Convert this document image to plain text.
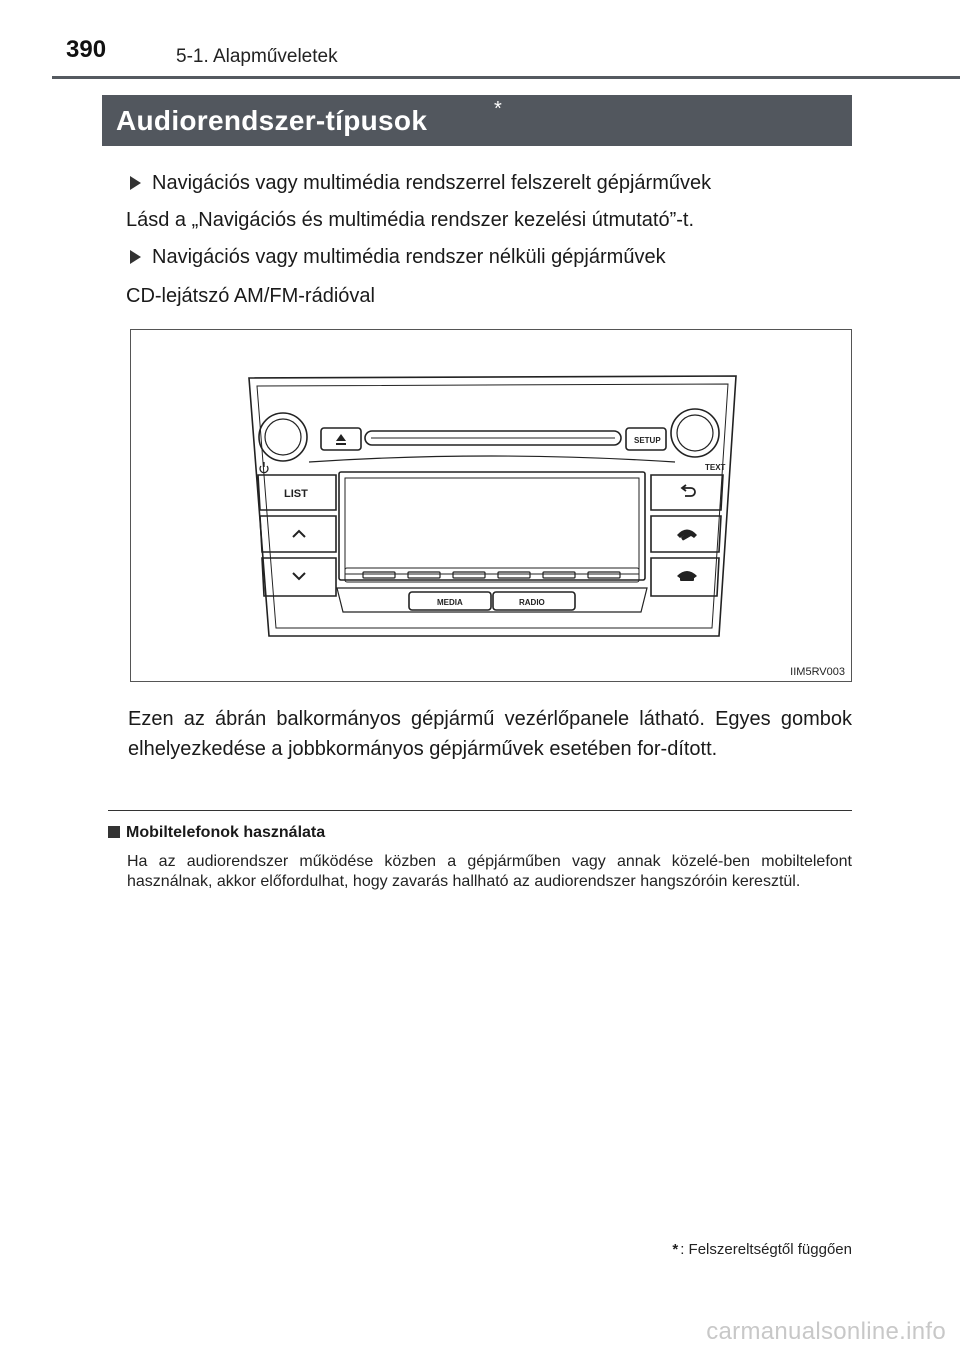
390	5-1. Alapműveletek
Audiorendszer-típusok	*
Navigációs vagy multimédia rendszerrel felszerelt gépjárművek
Lásd a „Navigációs és multimédia rendszer kezelési útmutató”-t.
Navigációs vagy multimédia rendszer nélküli gépjárművek
CD-lejátszó AM/FM-rádióval
LIST
SETUP
TEXT
MEDIA	RADIO
IIM5RV003

Ezen az ábrán balkormányos gépjármű vezérlőpanele látható. Egyes gombok elhelyezkedése a jobbkormányos gépjárművek esetében for-dított.

Mobiltelefonok használata

Ha az audiorendszer működése közben a gépjárműben vagy annak közelé-ben mobiltelefont használnak, akkor előfordulhat, hogy zavarás hallható az audiorendszer hangszóróin keresztül.

* : Felszereltségtől függően
carmanualsonline.info
